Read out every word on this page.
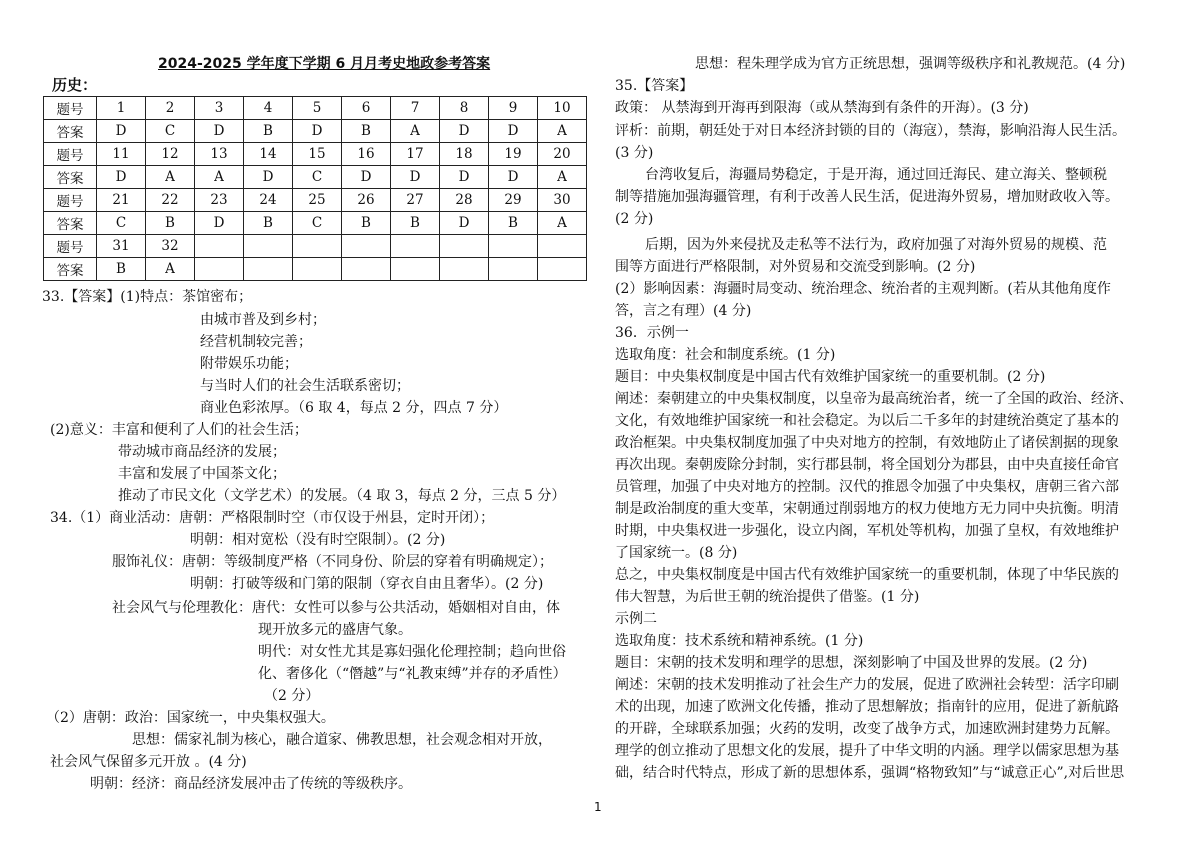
2024-2025 学年度下学期 6 月月考史地政参考答案
历史：
题号	1	2	3	4	5	6	7	8	9	10
答案	D	C	D	B	D	B	A	D	D	A
题号	11	12	13	14	15	16	17	18	19	20
答案	D	A	A	D	C	D	D	D	D	A
题号	21	22	23	24	25	26	27	28	29	30
答案	C	B	D	B	C	B	B	D	B	A
题号	31	32								
答案	B	A								
33.【答案】(1)特点：茶馆密布；
由城市普及到乡村；
经营机制较完善；
附带娱乐功能；
与当时人们的社会生活联系密切；
商业色彩浓厚。（6 取 4，每点 2 分，四点 7 分）
(2)意义：丰富和便利了人们的社会生活；
带动城市商品经济的发展；
丰富和发展了中国茶文化；
推动了市民文化（文学艺术）的发展。（4 取 3，每点 2 分，三点 5 分）
34.（1）商业活动：唐朝：严格限制时空（市仅设于州县，定时开闭）；
明朝：相对宽松（没有时空限制）。(2 分)
服饰礼仪：唐朝：等级制度严格（不同身份、阶层的穿着有明确规定）；
明朝：打破等级和门第的限制（穿衣自由且奢华）。(2 分)
社会风气与伦理教化：唐代：女性可以参与公共活动，婚姻相对自由，体
现开放多元的盛唐气象。
明代：对女性尤其是寡妇强化伦理控制；趋向世俗
化、奢侈化（“僭越”与“礼教束缚”并存的矛盾性）
（2 分）
（2）唐朝：政治：国家统一，中央集权强大。
思想：儒家礼制为核心，融合道家、佛教思想，社会观念相对开放，
社会风气保留多元开放 。(4 分)
明朝：经济：商品经济发展冲击了传统的等级秩序。
思想：程朱理学成为官方正统思想，强调等级秩序和礼教规范。(4 分)
35.【答案】
政策： 从禁海到开海再到限海（或从禁海到有条件的开海）。(3 分)
评析：前期，朝廷处于对日本经济封锁的目的（海寇），禁海，影响沿海人民生活。
(3 分)
台湾收复后，海疆局势稳定，于是开海，通过回迁海民、建立海关、整顿税
制等措施加强海疆管理，有利于改善人民生活，促进海外贸易，增加财政收入等。
(2 分)
后期，因为外来侵扰及走私等不法行为，政府加强了对海外贸易的规模、范
围等方面进行严格限制，对外贸易和交流受到影响。(2 分)
(2）影响因素：海疆时局变动、统治理念、统治者的主观判断。(若从其他角度作
答，言之有理）(4 分)
36．示例一
选取角度：社会和制度系统。(1 分)
题目：中央集权制度是中国古代有效维护国家统一的重要机制。(2 分)
阐述：秦朝建立的中央集权制度，以皇帝为最高统治者，统一了全国的政治、经济、
文化，有效地维护国家统一和社会稳定。为以后二千多年的封建统治奠定了基本的
政治框架。中央集权制度加强了中央对地方的控制，有效地防止了诸侯割据的现象
再次出现。秦朝废除分封制，实行郡县制，将全国划分为郡县，由中央直接任命官
员管理，加强了中央对地方的控制。汉代的推恩令加强了中央集权，唐朝三省六部
制是政治制度的重大变革，宋朝通过削弱地方的权力使地方无力同中央抗衡。明清
时期，中央集权进一步强化，设立内阁，军机处等机构，加强了皇权，有效地维护
了国家统一。(8 分)
总之，中央集权制度是中国古代有效维护国家统一的重要机制，体现了中华民族的
伟大智慧，为后世王朝的统治提供了借鉴。(1 分)
示例二
选取角度：技术系统和精神系统。(1 分)
题目：宋朝的技术发明和理学的思想，深刻影响了中国及世界的发展。(2 分)
阐述：宋朝的技术发明推动了社会生产力的发展，促进了欧洲社会转型：活字印刷
术的出现，加速了欧洲文化传播，推动了思想解放；指南针的应用，促进了新航路
的开辟，全球联系加强；火药的发明，改变了战争方式，加速欧洲封建势力瓦解。
理学的创立推动了思想文化的发展，提升了中华文明的内涵。理学以儒家思想为基
础，结合时代特点，形成了新的思想体系，强调“格物致知”与“诚意正心”,对后世思
1
